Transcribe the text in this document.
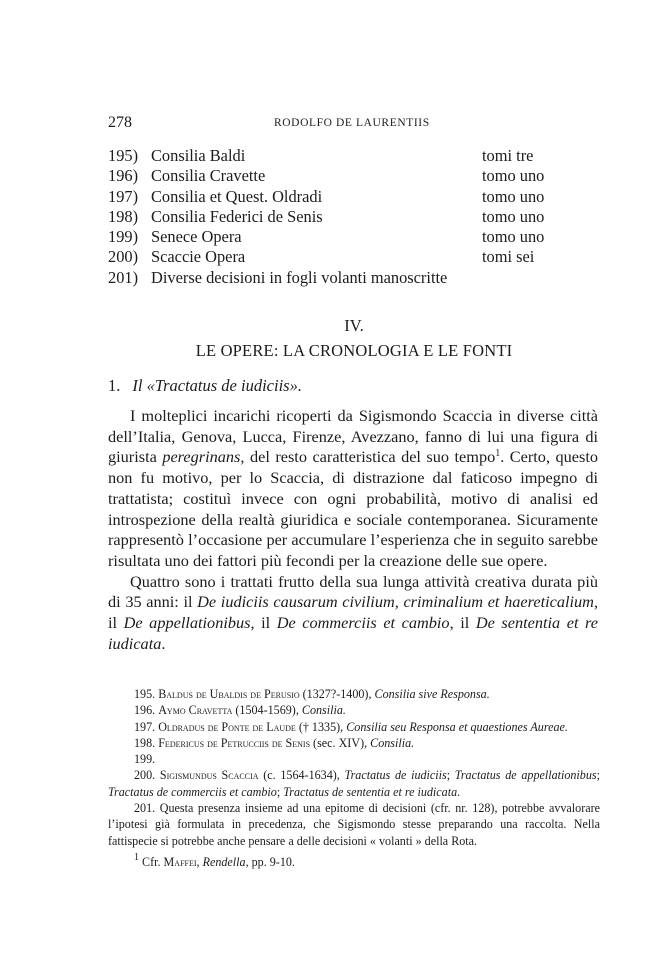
278	RODOLFO DE LAURENTIIS
195) Consilia Baldi	tomi tre
196) Consilia Cravette	tomo uno
197) Consilia et Quest. Oldradi	tomo uno
198) Consilia Federici de Senis	tomo uno
199) Senece Opera	tomo uno
200) Scaccie Opera	tomi sei
201) Diverse decisioni in fogli volanti manoscritte
IV.
LE OPERE: LA CRONOLOGIA E LE FONTI
1. Il «Tractatus de iudiciis».

I molteplici incarichi ricoperti da Sigismondo Scaccia in diverse città dell’Italia, Genova, Lucca, Firenze, Avezzano, fanno di lui una figura di giurista peregrinans, del resto caratteristica del suo tempo$^1$. Certo, questo non fu motivo, per lo Scaccia, di distrazione dal faticoso impegno di trattatista; costituì invece con ogni probabilità, motivo di analisi ed introspezione della realtà giuridica e sociale contemporanea. Sicuramente rappresentò l’occasione per accumulare l’esperienza che in seguito sarebbe risultata uno dei fattori più fecondi per la creazione delle sue opere.

Quattro sono i trattati frutto della sua lunga attività creativa durata più di 35 anni: il De iudiciis causarum civilium, criminalium et haereticalium, il De appellationibus, il De commerciis et cambio, il De sententia et re iudicata.

195. Baldus de Ubaldis de Perusio (1327?-1400), Consilia sive Responsa.

196. Aymo Cravetta (1504-1569), Consilia.

197. Oldradus de Ponte de Laude († 1335), Consilia seu Responsa et quaestiones Aureae.

198. Federicus de Petrucciis de Senis (sec. XIV), Consilia.

199.

200. Sigismundus Scaccia (c. 1564-1634), Tractatus de iudiciis; Tractatus de appellationibus; Tractatus de commerciis et cambio; Tractatus de sententia et re iudicata.

201. Questa presenza insieme ad una epitome di decisioni (cfr. nr. 128), potrebbe avvalorare l’ipotesi già formulata in precedenza, che Sigismondo stesse preparando una raccolta. Nella fattispecie si potrebbe anche pensare a delle decisioni « volanti » della Rota.

$^1$ Cfr. Maffei, Rendella, pp. 9-10.
